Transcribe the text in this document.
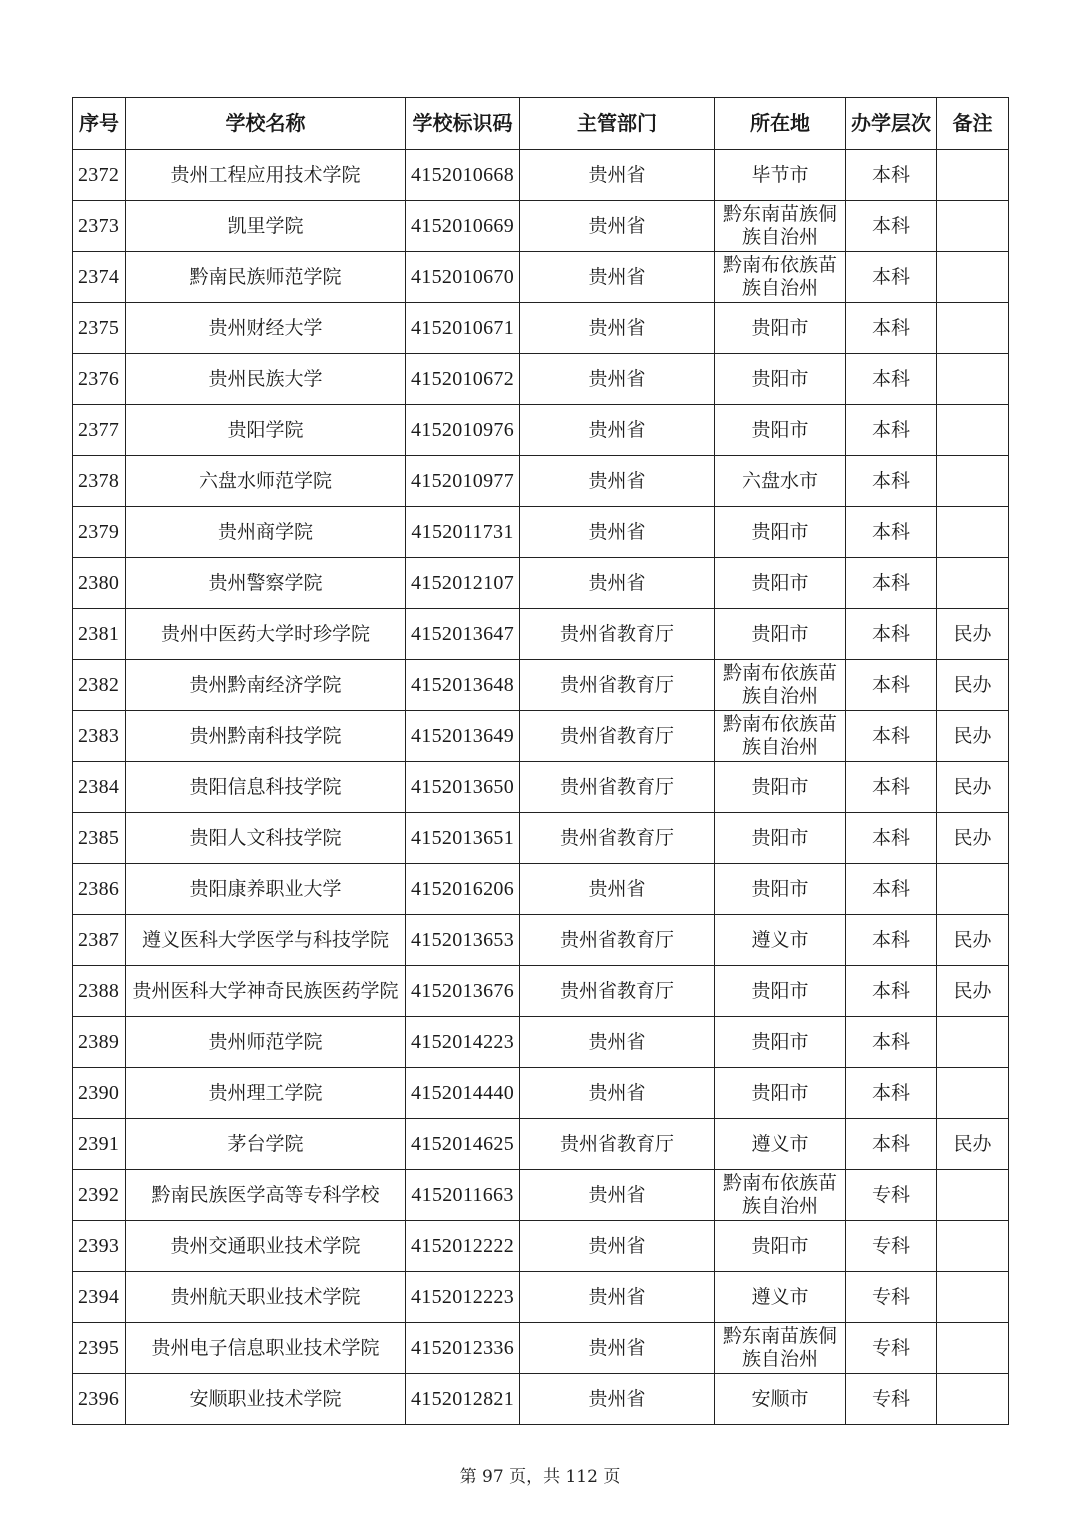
序号	学校名称	学校标识码	主管部门	所在地	办学层次	备注
2372	贵州工程应用技术学院	4152010668	贵州省	毕节市	本科	
2373	凯里学院	4152010669	贵州省	黔东南苗族侗族自治州	本科	
2374	黔南民族师范学院	4152010670	贵州省	黔南布依族苗族自治州	本科	
2375	贵州财经大学	4152010671	贵州省	贵阳市	本科	
2376	贵州民族大学	4152010672	贵州省	贵阳市	本科	
2377	贵阳学院	4152010976	贵州省	贵阳市	本科	
2378	六盘水师范学院	4152010977	贵州省	六盘水市	本科	
2379	贵州商学院	4152011731	贵州省	贵阳市	本科	
2380	贵州警察学院	4152012107	贵州省	贵阳市	本科	
2381	贵州中医药大学时珍学院	4152013647	贵州省教育厅	贵阳市	本科	民办
2382	贵州黔南经济学院	4152013648	贵州省教育厅	黔南布依族苗族自治州	本科	民办
2383	贵州黔南科技学院	4152013649	贵州省教育厅	黔南布依族苗族自治州	本科	民办
2384	贵阳信息科技学院	4152013650	贵州省教育厅	贵阳市	本科	民办
2385	贵阳人文科技学院	4152013651	贵州省教育厅	贵阳市	本科	民办
2386	贵阳康养职业大学	4152016206	贵州省	贵阳市	本科	
2387	遵义医科大学医学与科技学院	4152013653	贵州省教育厅	遵义市	本科	民办
2388	贵州医科大学神奇民族医药学院	4152013676	贵州省教育厅	贵阳市	本科	民办
2389	贵州师范学院	4152014223	贵州省	贵阳市	本科	
2390	贵州理工学院	4152014440	贵州省	贵阳市	本科	
2391	茅台学院	4152014625	贵州省教育厅	遵义市	本科	民办
2392	黔南民族医学高等专科学校	4152011663	贵州省	黔南布依族苗族自治州	专科	
2393	贵州交通职业技术学院	4152012222	贵州省	贵阳市	专科	
2394	贵州航天职业技术学院	4152012223	贵州省	遵义市	专科	
2395	贵州电子信息职业技术学院	4152012336	贵州省	黔东南苗族侗族自治州	专科	
2396	安顺职业技术学院	4152012821	贵州省	安顺市	专科	
第 97 页，共 112 页
